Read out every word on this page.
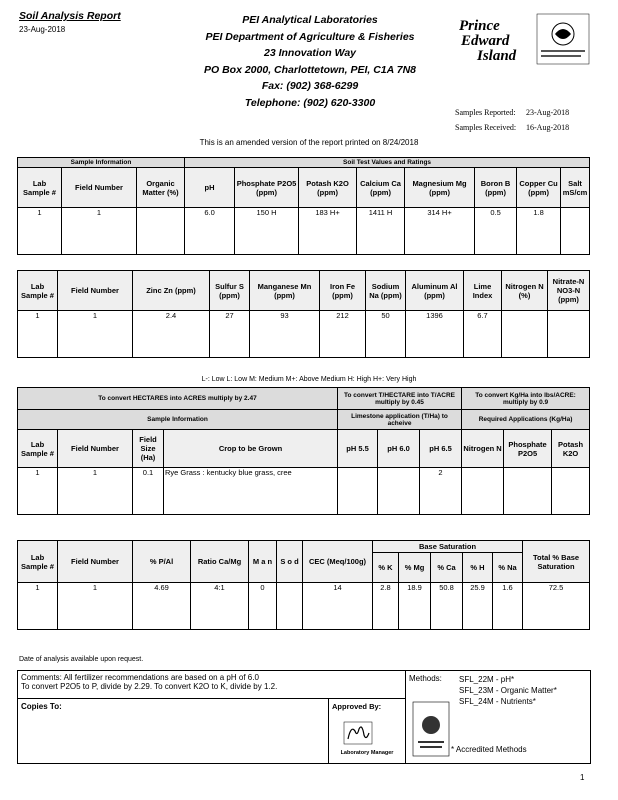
Soil Analysis Report
23-Aug-2018
PEI Analytical Laboratories
PEI Department of Agriculture & Fisheries
23 Innovation Way
PO Box 2000, Charlottetown, PEI, C1A 7N8
Fax: (902) 368-6299
Telephone: (902) 620-3300
Prince
Edward
Island
Samples Reported: 23-Aug-2018
Samples Received: 16-Aug-2018
This is an amended version of the report printed on 8/24/2018
Sample Information			Soil Test Values and Ratings							
Lab Sample #	Field Number	Organic Matter (%)	pH	Phosphate P2O5 (ppm)	Potash K2O (ppm)	Calcium Ca (ppm)	Magnesium Mg (ppm)	Boron B (ppm)	Copper Cu (ppm)	Salt mS/cm
1	1		6.0	150 H	183 H+	1411 H	314 H+	0.5	1.8	
Lab Sample #	Field Number	Zinc Zn (ppm)	Sulfur S (ppm)	Manganese Mn (ppm)	Iron Fe (ppm)	Sodium Na (ppm)	Aluminum Al (ppm)	Lime Index	Nitrogen N (%)	Nitrate-N NO3-N (ppm)
1	1	2.4	27	93	212	50	1396	6.7		
L-: Low L: Low M: Medium M+: Above Medium H: High H+: Very High
To convert HECTARES into ACRES multiply by 2.47				To convert T/HECTARE into T/ACRE multiply by 0.45			To convert Kg/Ha into lbs/ACRE: multiply by 0.9		
Sample Information				Limestone application (T/Ha) to acheive			Required Applications (Kg/Ha)		
Lab Sample #	Field Number	Field Size (Ha)	Crop to be Grown	pH 5.5	pH 6.0	pH 6.5	Nitrogen N	Phosphate P2O5	Potash K2O
1	1	0.1	Rye Grass : kentucky blue grass, cree			2			
Lab Sample #	Field Number	% P/Al	Ratio Ca/Mg	M a n	S o d	CEC (Meq/100g)	Base Saturation					Total % Base Saturation
							% K	% Mg	% Ca	% H	% Na	
1	1	4.69	4:1	0		14	2.8	18.9	50.8	25.9	1.6	72.5
Date of analysis available upon request.
Comments: All fertilizer recommendations are based on a pH of 6.0
To convert P2O5 to P, divide by 2.29. To convert K2O to K, divide by 1.2.
Copies To:	Approved By:
Laboratory Manager
Methods: SFL_22M - pH*
SFL_23M - Organic Matter*
SFL_24M - Nutrients*
* Accredited Methods
1
